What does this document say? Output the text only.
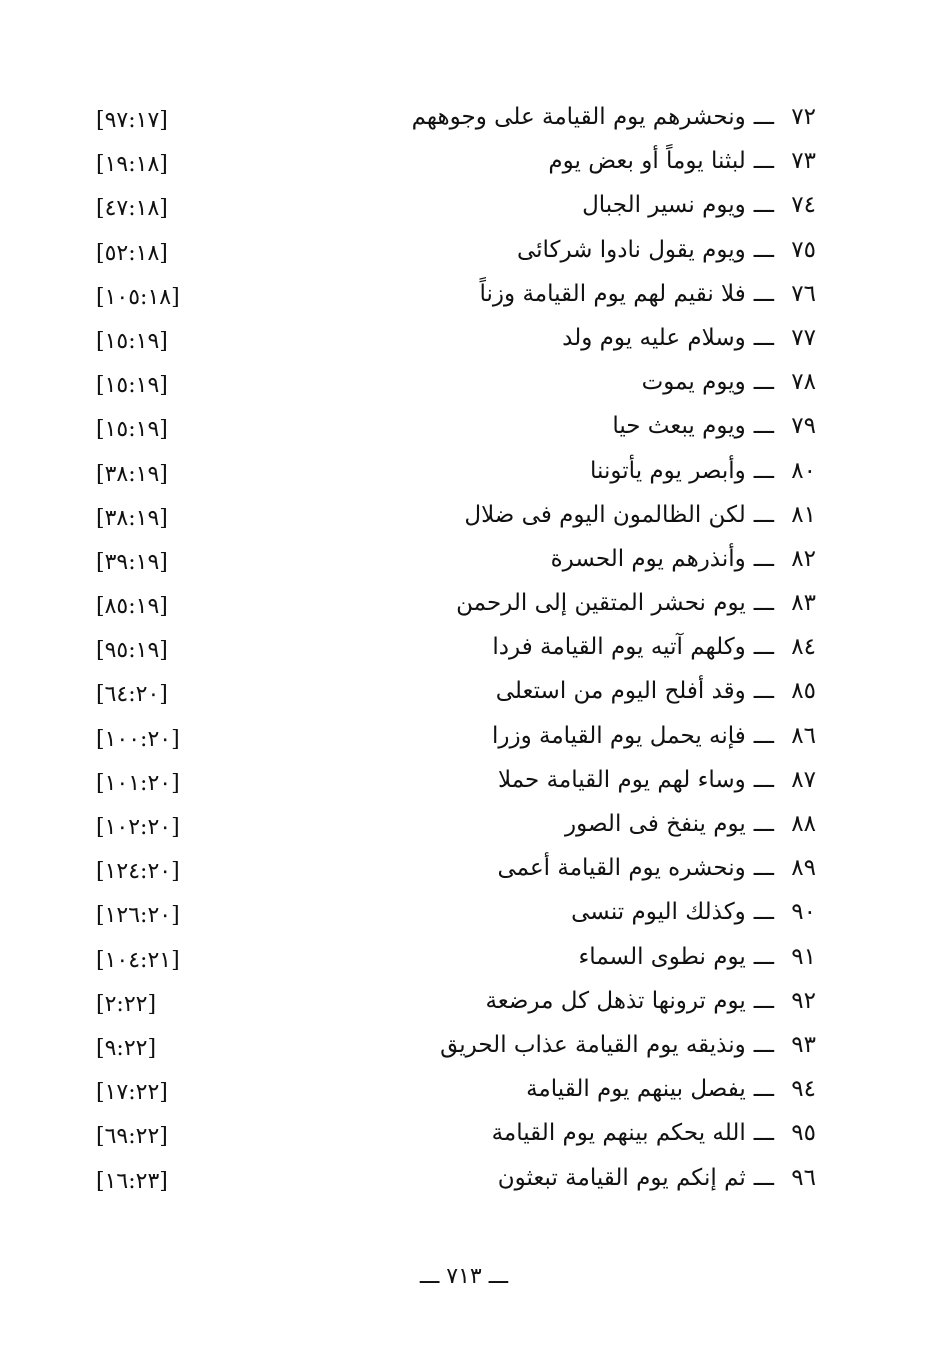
٧٢ـــونحشرهم يوم القيامة على وجوههم
[٩٧:١٧]
٧٣ـــلبثنا يوماً أو بعض يوم
[١٩:١٨]
٧٤ـــويوم نسير الجبال
[٤٧:١٨]
٧٥ـــويوم يقول نادوا شركائى
[٥٢:١٨]
٧٦ـــفلا نقيم لهم يوم القيامة وزناً
[١٠٥:١٨]
٧٧ـــوسلام عليه يوم ولد
[١٥:١٩]
٧٨ـــويوم يموت
[١٥:١٩]
٧٩ـــويوم يبعث حيا
[١٥:١٩]
٨٠ـــوأبصر يوم يأتوننا
[٣٨:١٩]
٨١ـــلكن الظالمون اليوم فى ضلال
[٣٨:١٩]
٨٢ـــوأنذرهم يوم الحسرة
[٣٩:١٩]
٨٣ـــيوم نحشر المتقين إلى الرحمن
[٨٥:١٩]
٨٤ـــوكلهم آتيه يوم القيامة فردا
[٩٥:١٩]
٨٥ـــوقد أفلح اليوم من استعلى
[٦٤:٢٠]
٨٦ـــفإنه يحمل يوم القيامة وزرا
[١٠٠:٢٠]
٨٧ـــوساء لهم يوم القيامة حملا
[١٠١:٢٠]
٨٨ـــيوم ينفخ فى الصور
[١٠٢:٢٠]
٨٩ـــونحشره يوم القيامة أعمى
[١٢٤:٢٠]
٩٠ـــوكذلك اليوم تنسى
[١٢٦:٢٠]
٩١ـــيوم نطوى السماء
[١٠٤:٢١]
٩٢ـــيوم ترونها تذهل كل مرضعة
[٢:٢٢]
٩٣ـــونذيقه يوم القيامة عذاب الحريق
[٩:٢٢]
٩٤ـــيفصل بينهم يوم القيامة
[١٧:٢٢]
٩٥ـــالله يحكم بينهم يوم القيامة
[٦٩:٢٢]
٩٦ـــثم إنكم يوم القيامة تبعثون
[١٦:٢٣]
ـــ ٧١٣ ـــ
